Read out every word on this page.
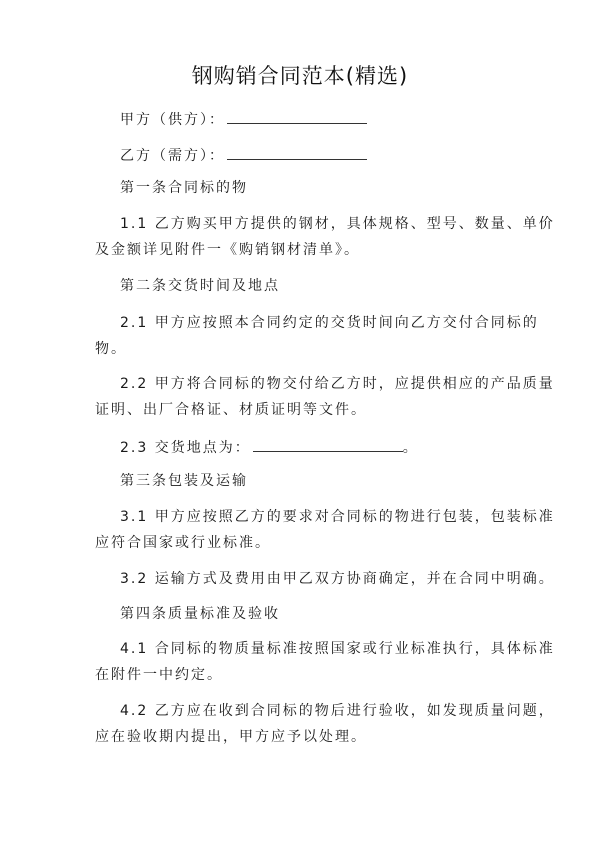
钢购销合同范本(精选)
甲方（供方）：
乙方（需方）：
第一条合同标的物
1.1 乙方购买甲方提供的钢材，具体规格、型号、数量、单价
及金额详见附件一《购销钢材清单》。
第二条交货时间及地点
2.1 甲方应按照本合同约定的交货时间向乙方交付合同标的
物。
2.2 甲方将合同标的物交付给乙方时，应提供相应的产品质量
证明、出厂合格证、材质证明等文件。
2.3 交货地点为：	。
第三条包装及运输
3.1 甲方应按照乙方的要求对合同标的物进行包装，包装标准
应符合国家或行业标准。
3.2 运输方式及费用由甲乙双方协商确定，并在合同中明确。
第四条质量标准及验收
4.1 合同标的物质量标准按照国家或行业标准执行，具体标准
在附件一中约定。
4.2 乙方应在收到合同标的物后进行验收，如发现质量问题，
应在验收期内提出，甲方应予以处理。
